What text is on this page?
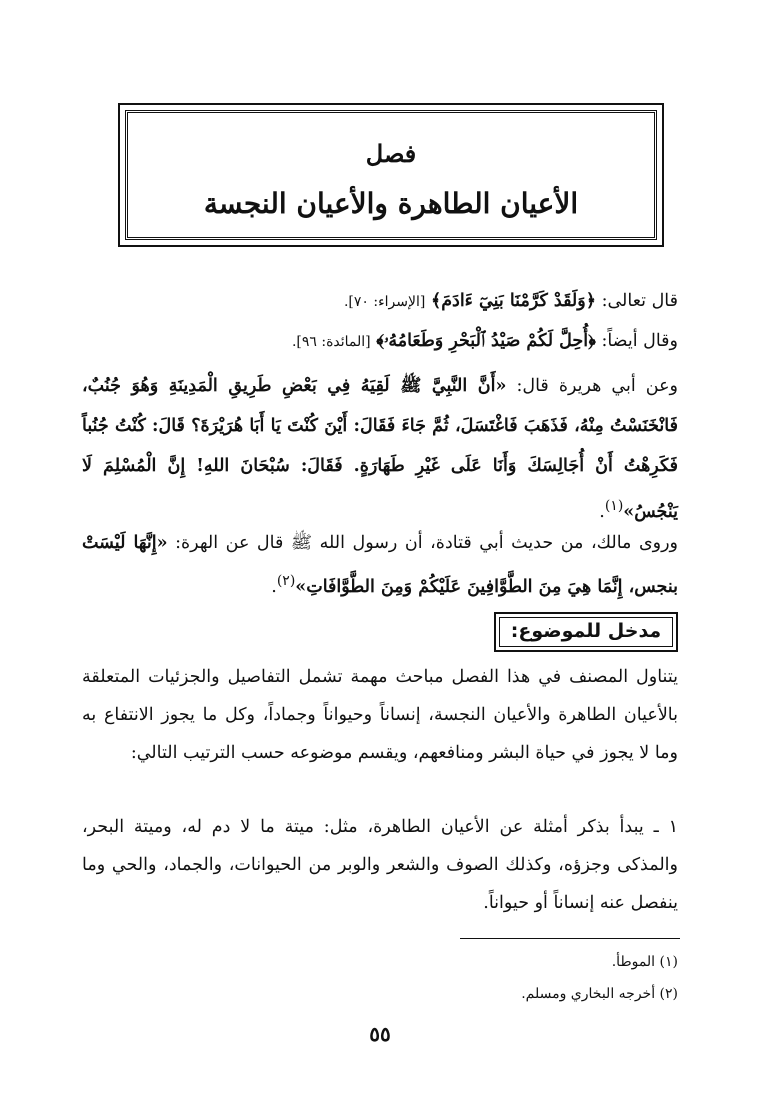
فصل
الأعيان الطاهرة والأعيان النجسة
قال تعالى: ﴿وَلَقَدْ كَرَّمْنَا بَنِيٓ ءَادَمَ﴾ [الإسراء: ٧٠].
وقال أيضاً: ﴿أُحِلَّ لَكُمْ صَيْدُ ٱلْبَحْرِ وَطَعَامُهُۥ﴾ [المائدة: ٩٦].
وعن أبي هريرة قال: «أَنَّ النَّبِيَّ ﷺ لَقِيَهُ فِي بَعْضِ طَرِيقِ الْمَدِينَةِ وَهُوَ جُنُبٌ، فَانْخَنَسْتُ مِنْهُ، فَذَهَبَ فَاغْتَسَلَ، ثُمَّ جَاءَ فَقَالَ: أَيْنَ كُنْتَ يَا أَبَا هُرَيْرَةَ؟ قَالَ: كُنْتُ جُنُباً فَكَرِهْتُ أَنْ أُجَالِسَكَ وَأَنَا عَلَى غَيْرِ طَهَارَةٍ. فَقَالَ: سُبْحَانَ اللهِ! إِنَّ الْمُسْلِمَ لَا يَنْجُسُ»$^{(١)}$.
وروى مالك، من حديث أبي قتادة، أن رسول الله ﷺ قال عن الهرة: «إِنَّهَا لَيْسَتْ بنجس، إِنَّمَا هِيَ مِنَ الطَّوَّافِينَ عَلَيْكُمْ وَمِنَ الطَّوَّافَاتِ»$^{(٢)}$.
مدخل للموضوع:
يتناول المصنف في هذا الفصل مباحث مهمة تشمل التفاصيل والجزئيات المتعلقة بالأعيان الطاهرة والأعيان النجسة، إنساناً وحيواناً وجماداً، وكل ما يجوز الانتفاع به وما لا يجوز في حياة البشر ومنافعهم، ويقسم موضوعه حسب الترتيب التالي:
١ ـ يبدأ بذكر أمثلة عن الأعيان الطاهرة، مثل: ميتة ما لا دم له، وميتة البحر، والمذكى وجزؤه، وكذلك الصوف والشعر والوبر من الحيوانات، والجماد، والحي وما ينفصل عنه إنساناً أو حيواناً.
(١) الموطأ.
(٢) أخرجه البخاري ومسلم.
٥٥
